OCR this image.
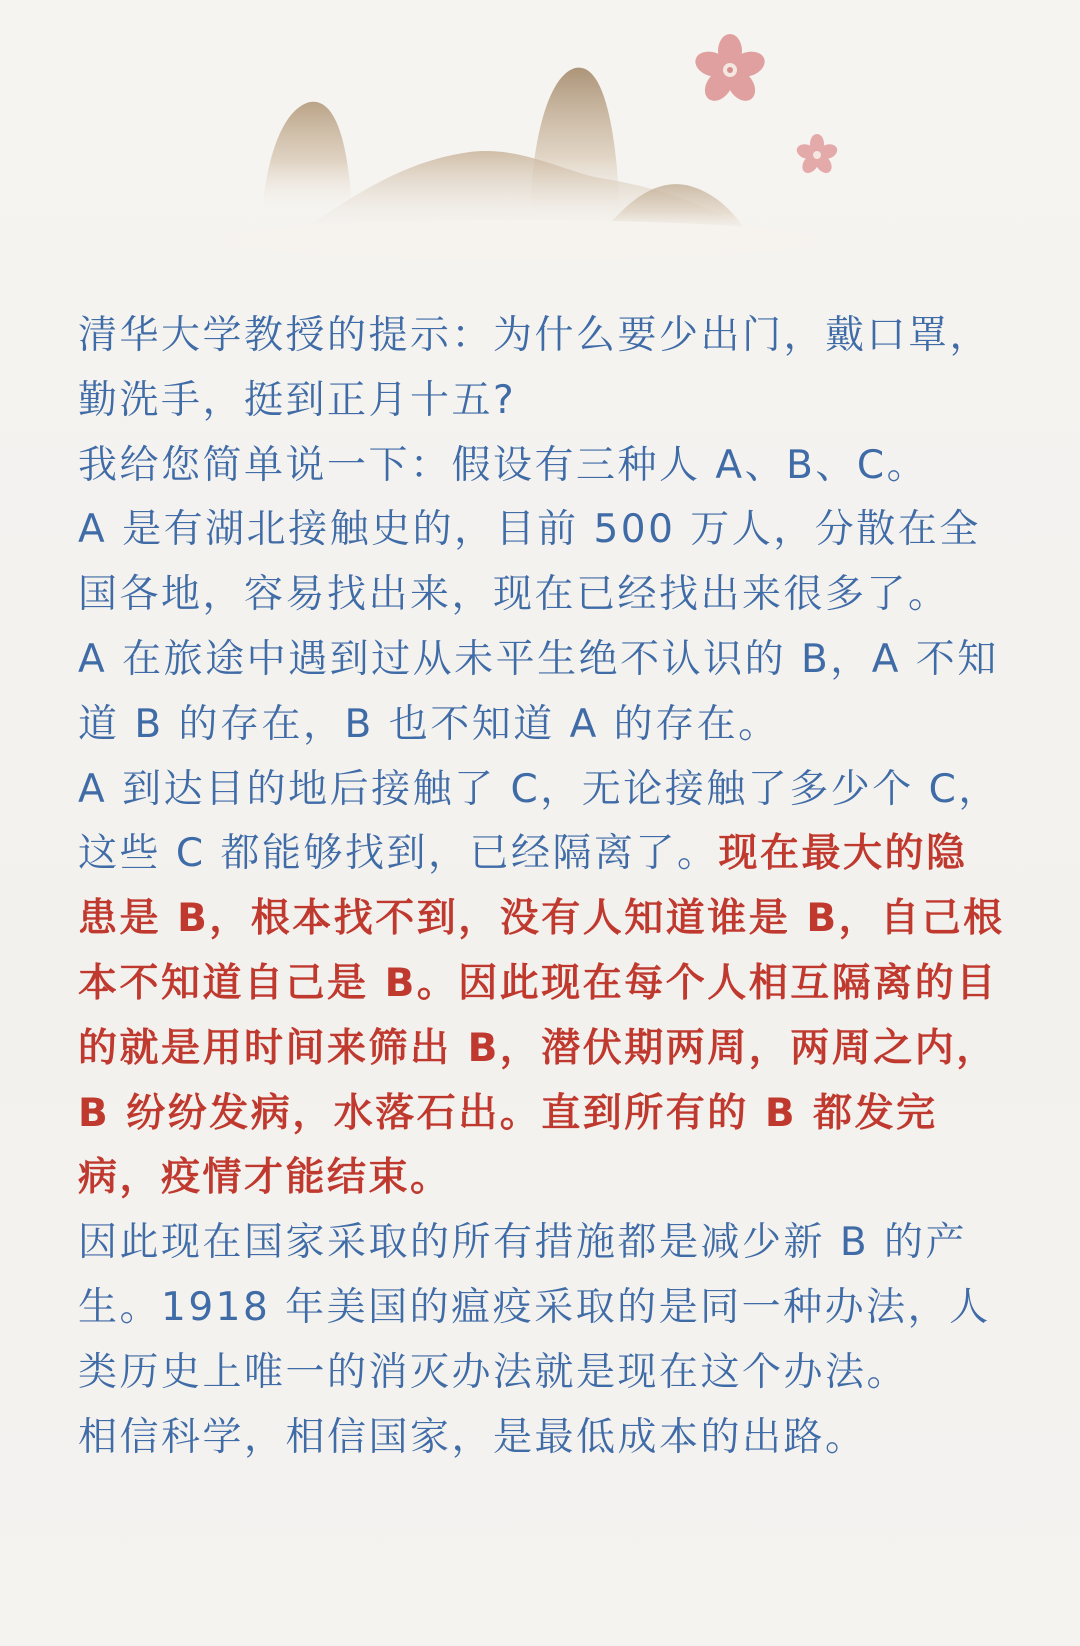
清华大学教授的提示：为什么要少出门，戴口罩，勤洗手，挺到正月十五?

我给您简单说一下：假设有三种人 A、B、C。

A 是有湖北接触史的，目前 500 万人，分散在全国各地，容易找出来，现在已经找出来很多了。

A 在旅途中遇到过从未平生绝不认识的 B，A 不知道 B 的存在，B 也不知道 A 的存在。

A 到达目的地后接触了 C，无论接触了多少个 C，这些 C 都能够找到，已经隔离了。现在最大的隐患是 B，根本找不到，没有人知道谁是 B，自己根本不知道自己是 B。因此现在每个人相互隔离的目的就是用时间来筛出 B，潜伏期两周，两周之内，B 纷纷发病，水落石出。直到所有的 B 都发完病，疫情才能结束。

因此现在国家采取的所有措施都是减少新 B 的产生。1918 年美国的瘟疫采取的是同一种办法，人类历史上唯一的消灭办法就是现在这个办法。

相信科学，相信国家，是最低成本的出路。
